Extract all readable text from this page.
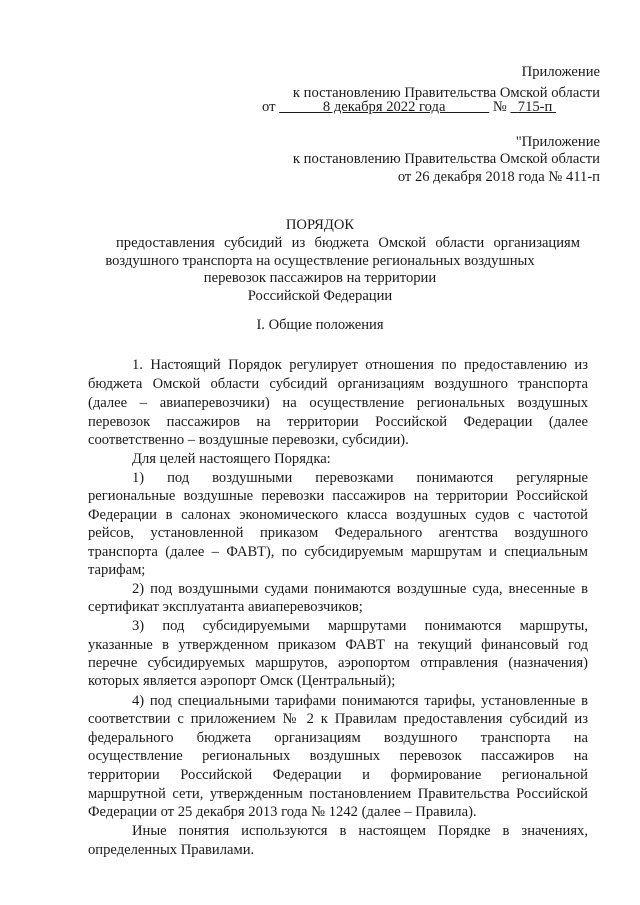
Приложение
к постановлению Правительства Омской области
от	8 декабря 2022 года	№ 715-п
"Приложение
к постановлению Правительства Омской области
от 26 декабря 2018 года № 411-п
ПОРЯДОК
предоставления субсидий из бюджета Омской области организациям
воздушного транспорта на осуществление региональных воздушных
перевозок пассажиров на территории
Российской Федерации
I. Общие положения
1. Настоящий Порядок регулирует отношения по предоставлению из
бюджета Омской области субсидий организациям воздушного транспорта
(далее – авиаперевозчики) на осуществление региональных воздушных
перевозок пассажиров на территории Российской Федерации (далее
соответственно – воздушные перевозки, субсидии).
Для целей настоящего Порядка:
1) под воздушными перевозками понимаются регулярные
региональные воздушные перевозки пассажиров на территории Российской
Федерации в салонах экономического класса воздушных судов с частотой
рейсов, установленной приказом Федерального агентства воздушного
транспорта (далее – ФАВТ), по субсидируемым маршрутам и специальным
тарифам;
2) под воздушными судами понимаются воздушные суда, внесенные в
сертификат эксплуатанта авиаперевозчиков;
3) под субсидируемыми маршрутами понимаются маршруты,
указанные в утвержденном приказом ФАВТ на текущий финансовый год
перечне субсидируемых маршрутов, аэропортом отправления (назначения)
которых является аэропорт Омск (Центральный);
4) под специальными тарифами понимаются тарифы, установленные в
соответствии с приложением № 2 к Правилам предоставления субсидий из
федерального бюджета организациям воздушного транспорта на
осуществление региональных воздушных перевозок пассажиров на
территории Российской Федерации и формирование региональной
маршрутной сети, утвержденным постановлением Правительства Российской
Федерации от 25 декабря 2013 года № 1242 (далее – Правила).
Иные понятия используются в настоящем Порядке в значениях,
определенных Правилами.
